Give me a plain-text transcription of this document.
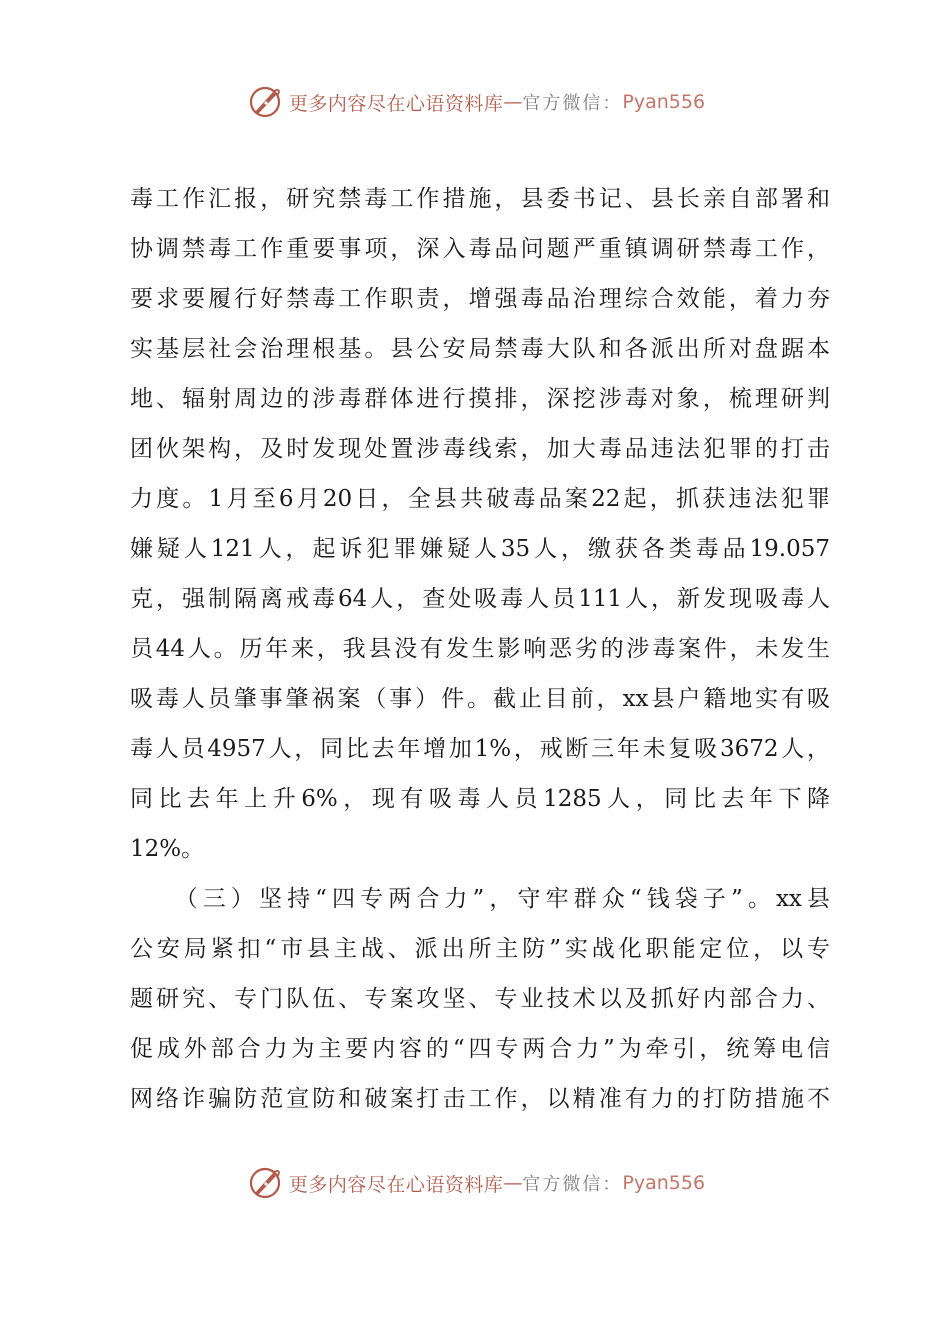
更多内容尽在心语资料库 — 官方微信： Pyan556
毒工作汇报，研究禁毒工作措施，县委书记、县长亲自部署和
协调禁毒工作重要事项，深入毒品问题严重镇调研禁毒工作，
要求要履行好禁毒工作职责，增强毒品治理综合效能，着力夯
实基层社会治理根基。县公安局禁毒大队和各派出所对盘踞本
地、辐射周边的涉毒群体进行摸排，深挖涉毒对象，梳理研判
团伙架构，及时发现处置涉毒线索，加大毒品违法犯罪的打击
力度。1月至6月20日，全县共破毒品案22起，抓获违法犯罪
嫌疑人121人，起诉犯罪嫌疑人35人，缴获各类毒品19.057
克，强制隔离戒毒64人，查处吸毒人员111人，新发现吸毒人
员44人。历年来，我县没有发生影响恶劣的涉毒案件，未发生
吸毒人员肇事肇祸案（事）件。截止目前，xx县户籍地实有吸
毒人员4957人，同比去年增加1%，戒断三年未复吸3672人，
同比去年上升6%，现有吸毒人员1285人，同比去年下降
12%。
　　（三）坚持“四专两合力”，守牢群众“钱袋子”。xx县
公安局紧扣“市县主战、派出所主防”实战化职能定位，以专
题研究、专门队伍、专案攻坚、专业技术以及抓好内部合力、
促成外部合力为主要内容的“四专两合力”为牵引，统筹电信
网络诈骗防范宣防和破案打击工作，以精准有力的打防措施不
更多内容尽在心语资料库 — 官方微信： Pyan556
